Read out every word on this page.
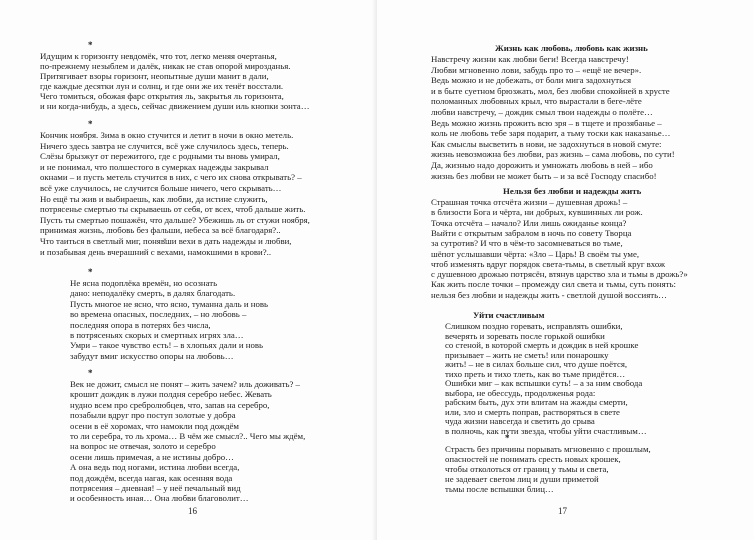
*
Идущим к горизонту невдомёк, что тот, легко меняя очертанья,
по-прежнему незыблем и далёк, никак не став опорой мирозданья.
Притягивает взоры горизонт, неопытные души манит в дали,
где каждые десятки лун и солнц, и где они же их тенёт восстали.
Чего томиться, обожая фарс открытия ль, закрытья ль горизонта,
и ни когда-нибудь, а здесь, сейчас движением души иль кнопки зонта…
*
Кончик ноября. Зима в окно стучится и летит в ночи в окно метель.
Ничего здесь завтра не случится, всё уже случилось здесь, теперь.
Слёзы брызжут от пережитого, где с родными ты вновь умирал,
и не понимал, что полшестого в сумерках надежды закрывал
окнами – и пусть метель стучится в них, с чего их снова открывать? –
всё уже случилось, не случится больше ничего, чего скрывать…
Но ещё ты жив и выбираешь, как любви, да истине служить,
потрясенье смертью ты скрываешь от себя, от всех, чтоб дальше жить.
Пусть ты смертью пошажён, что дальше? Убежишь ль от стужи ноября,
принимая жизнь, любовь без фальши, небеса за всё благодаря?..
Что таиться в светлый миг, поняв̆ши вехи в дать надежды и любви,
и позабывая день вчерашний с вехами, намокшими в крови?..
*
Не ясна подоплёка времён, но осознать
дано: неподалёку смерть, в далях благодать.
Пусть многое не ясно, что ясно, туманна даль и новь
во времена опасных, последних, – но любовь –
последняя опора в потерях без числа,
в потрясеньях скорых и смертных игрях зла…
Умри – такое чувство есть! – в хлопьях дали и новь
забудут вмиг искусство опоры на любовь…
*
Век не дожит, смысл не понят – жить зачем? иль доживать? –
крошит дождик в лужи полдня серебро небес. Жевать
нудно всем про сребролюбцев, что, запав на серебро,
позабыли вдруг про поступ золотые у добра
осени в её хоромах, что намокли под дождём
то ли серебра, то ль хрома… В чём же смысл?.. Чего мы ждём,
на вопрос не отвечая, золото и серебро
осени лишь примечая, а не истины добро…
А она ведь под ногами, истина любви всегда,
под дождём, всегда нагая, как осенняя вода
потрясения – дневная! – у неё печальный вид
и особенность иная… Она любви благоволит…
16
Жизнь как любовь, любовь как жизнь
Навстречу жизни как любви беги! Всегда навстречу!
Любви мгновенно лови, забудь про то – «ещё не вечер».
Ведь можно и не добежать, от боли мига задохнуться
и в быте суетном брюзжать, мол, без любви спокойней в хрусте
поломанных любовных крыл, что вырастали в беге-лёте
любви навстречу, – дождик смыл твои надежды о полёте…
Ведь можно жизнь прожить всю зря – в тщете и прозябанье –
коль не любовь тебе заря подарит, а тьму тоски как наказанье…
Как смыслы высветить в нови, не задохнуться в новой смуте:
жизнь невозможна без любви, раз жизнь – сама любовь, по сути!
Да, жизнью надо дорожить и умножать любовь в ней – ибо
жизнь без любви не может быть – и за всё Господу спасибо!
Нельзя без любви и надежды жить
Страшная точка отсчёта жизни – душевная дрожь! –
в близости Бога и чёрта, ни добрых, кувшинных ли рож.
Точка отсчёта – начало? Или лишь ожиданье конца?
Выйти с открытым забралом в ночь по совету Творца
за сутротив? И что в чём-то засомневаться во тьме,
шёпот услышавши чёрта: «Зло – Царь! В своём ты уме,
чтоб изменять вдруг порядок света-тьмы, в светлый круг вхож
с душевною дрожью потрясён, втянув царство зла и тьмы в дрожь?»
Как жить после точки – промежду сил света и тьмы, суть понять:
нельзя без любви и надежды жить - светлой душой воссиять…
Уйти счастливым
Слишком поздно горевать, исправлять ошибки,
вечерять и зоревать после горькой ошибки
со стеной, в которой смерть и дождик в ней крошке
призывает – жить не сметь! или понарошку
жить! – не в силах больше сил, что душе поётся,
тихо преть и тихо тлеть, как во тьме придётся…
Ошибки миг – как вспышки суть! – а за ним свобода
выбора, не обессудь, продолженья рода:
рабским быть, дух эти влитам на жажды смерти,
или, зло и смерть поправ, растворяться в свете
чуда жизни навсегда и светить до срыва
в полночь, как пути звезда, чтобы уйти счастливым…
*
Страсть без причины порывать мгновенно с прошлым,
опасностей не понимать сресть новых крошек,
чтобы отколоться от границ у тьмы и света,
не задевает светом лиц и души приметой
тьмы после вспышки блиц…
17
